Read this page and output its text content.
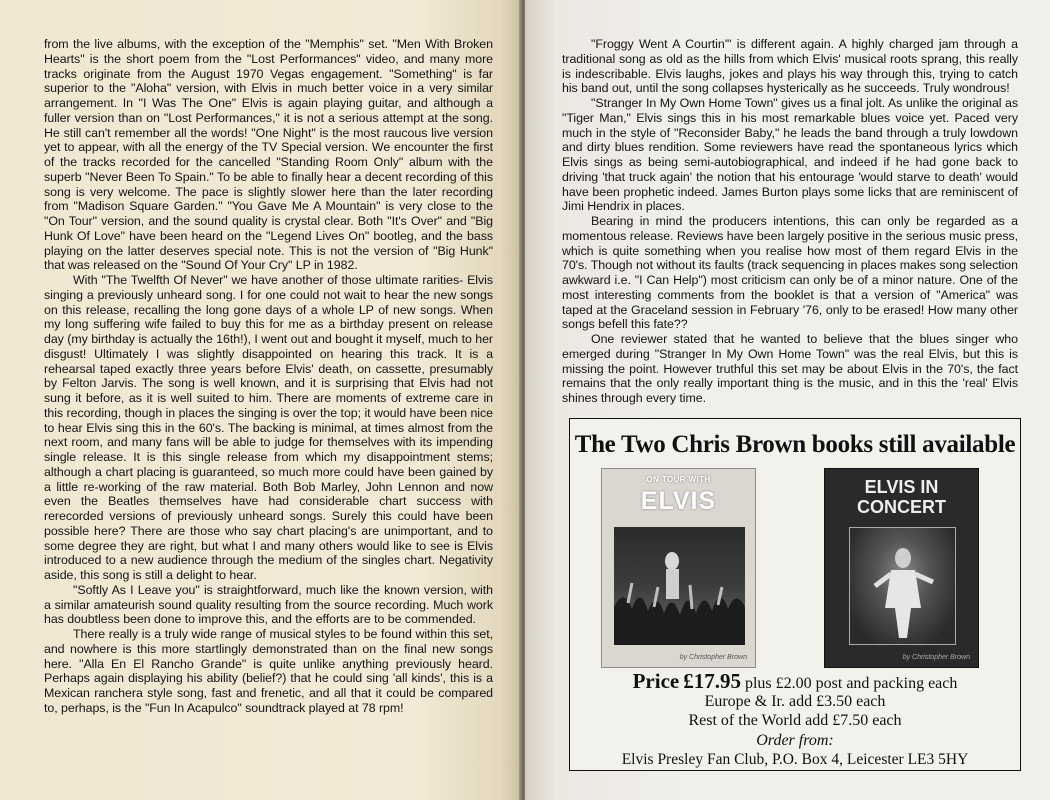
from the live albums, with the exception of the "Memphis" set. "Men With Broken Hearts" is the short poem from the "Lost Performances" video, and many more tracks originate from the August 1970 Vegas engagement. "Something" is far superior to the "Aloha" version, with Elvis in much better voice in a very similar arrangement. In "I Was The One" Elvis is again playing guitar, and although a fuller version than on "Lost Performances," it is not a serious attempt at the song. He still can't remember all the words! "One Night" is the most raucous live version yet to appear, with all the energy of the TV Special version. We encounter the first of the tracks recorded for the cancelled "Standing Room Only" album with the superb "Never Been To Spain." To be able to finally hear a decent recording of this song is very welcome. The pace is slightly slower here than the later recording from "Madison Square Garden." "You Gave Me A Mountain" is very close to the "On Tour" version, and the sound quality is crystal clear. Both "It's Over" and "Big Hunk Of Love" have been heard on the "Legend Lives On" bootleg, and the bass playing on the latter deserves special note. This is not the version of "Big Hunk" that was released on the "Sound Of Your Cry" LP in 1982.

With "The Twelfth Of Never" we have another of those ultimate rarities- Elvis singing a previously unheard song. I for one could not wait to hear the new songs on this release, recalling the long gone days of a whole LP of new songs. When my long suffering wife failed to buy this for me as a birthday present on release day (my birthday is actually the 16th!), I went out and bought it myself, much to her disgust! Ultimately I was slightly disappointed on hearing this track. It is a rehearsal taped exactly three years before Elvis' death, on cassette, presumably by Felton Jarvis. The song is well known, and it is surprising that Elvis had not sung it before, as it is well suited to him. There are moments of extreme care in this recording, though in places the singing is over the top; it would have been nice to hear Elvis sing this in the 60's. The backing is minimal, at times almost from the next room, and many fans will be able to judge for themselves with its impending single release. It is this single release from which my disappointment stems; although a chart placing is guaranteed, so much more could have been gained by a little re-working of the raw material. Both Bob Marley, John Lennon and now even the Beatles themselves have had considerable chart success with rerecorded versions of previously unheard songs. Surely this could have been possible here? There are those who say chart placing's are unimportant, and to some degree they are right, but what I and many others would like to see is Elvis introduced to a new audience through the medium of the singles chart. Negativity aside, this song is still a delight to hear.

"Softly As I Leave you" is straightforward, much like the known version, with a similar amateurish sound quality resulting from the source recording. Much work has doubtless been done to improve this, and the efforts are to be commended.

There really is a truly wide range of musical styles to be found within this set, and nowhere is this more startlingly demonstrated than on the final new songs here. "Alla En El Rancho Grande" is quite unlike anything previously heard. Perhaps again displaying his ability (belief?) that he could sing 'all kinds', this is a Mexican ranchera style song, fast and frenetic, and all that it could be compared to, perhaps, is the "Fun In Acapulco" soundtrack played at 78 rpm!

"Froggy Went A Courtin'" is different again. A highly charged jam through a traditional song as old as the hills from which Elvis' musical roots sprang, this really is indescribable. Elvis laughs, jokes and plays his way through this, trying to catch his band out, until the song collapses hysterically as he succeeds. Truly wondrous!

"Stranger In My Own Home Town" gives us a final jolt. As unlike the original as "Tiger Man," Elvis sings this in his most remarkable blues voice yet. Paced very much in the style of "Reconsider Baby," he leads the band through a truly lowdown and dirty blues rendition. Some reviewers have read the spontaneous lyrics which Elvis sings as being semi-autobiographical, and indeed if he had gone back to driving 'that truck again' the notion that his entourage 'would starve to death' would have been prophetic indeed. James Burton plays some licks that are reminiscent of Jimi Hendrix in places.

Bearing in mind the producers intentions, this can only be regarded as a momentous release. Reviews have been largely positive in the serious music press, which is quite something when you realise how most of them regard Elvis in the 70's. Though not without its faults (track sequencing in places makes song selection awkward i.e. "I Can Help") most criticism can only be of a minor nature. One of the most interesting comments from the booklet is that a version of "America" was taped at the Graceland session in February '76, only to be erased! How many other songs befell this fate??

One reviewer stated that he wanted to believe that the blues singer who emerged during "Stranger In My Own Home Town" was the real Elvis, but this is missing the point. However truthful this set may be about Elvis in the 70's, the fact remains that the only really important thing is the music, and in this the 'real' Elvis shines through every time.

The Two Chris Brown books still available
ON TOUR WITH
ELVIS
by Christopher Brown
ELVIS IN
CONCERT
by Christopher Brown
Price £17.95 plus £2.00 post and packing each
Europe & Ir. add £3.50 each
Rest of the World add £7.50 each
Order from:
Elvis Presley Fan Club, P.O. Box 4, Leicester LE3 5HY
